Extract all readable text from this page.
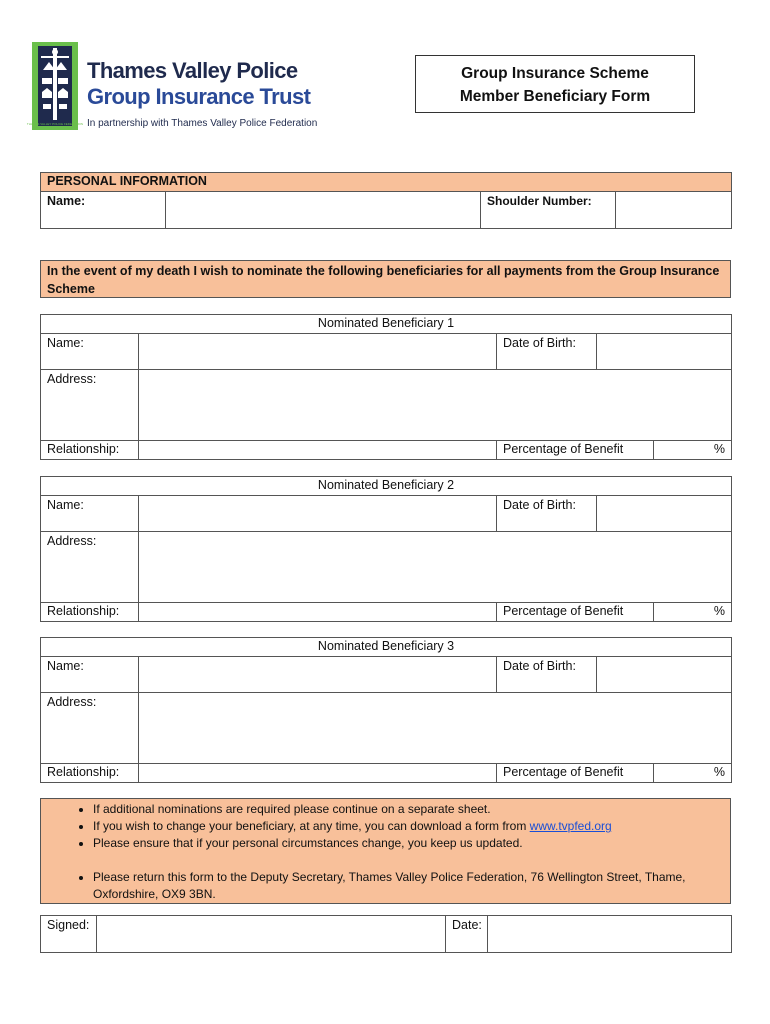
THAMES VALLEY POLICE FEDERATION
Thames Valley Police
Group Insurance Trust
In partnership with Thames Valley Police Federation
Group Insurance Scheme
Member Beneficiary Form
PERSONAL INFORMATION
Name:		Shoulder Number:	
In the event of my death I wish to nominate the following beneficiaries for all payments from the Group Insurance Scheme
Nominated Beneficiary 1				
Name:		Date of Birth:		
Address:				
Relationship:		Percentage of Benefit		%
Nominated Beneficiary 2				
Name:		Date of Birth:		
Address:				
Relationship:		Percentage of Benefit		%
Nominated Beneficiary 3				
Name:		Date of Birth:		
Address:				
Relationship:		Percentage of Benefit		%
• If additional nominations are required please continue on a separate sheet.
• If you wish to change your beneficiary, at any time, you can download a form from www.tvpfed.org
• Please ensure that if your personal circumstances change, you keep us updated.
• Please return this form to the Deputy Secretary, Thames Valley Police Federation, 76 Wellington Street, Thame, Oxfordshire, OX9 3BN.
Signed:		Date:	
